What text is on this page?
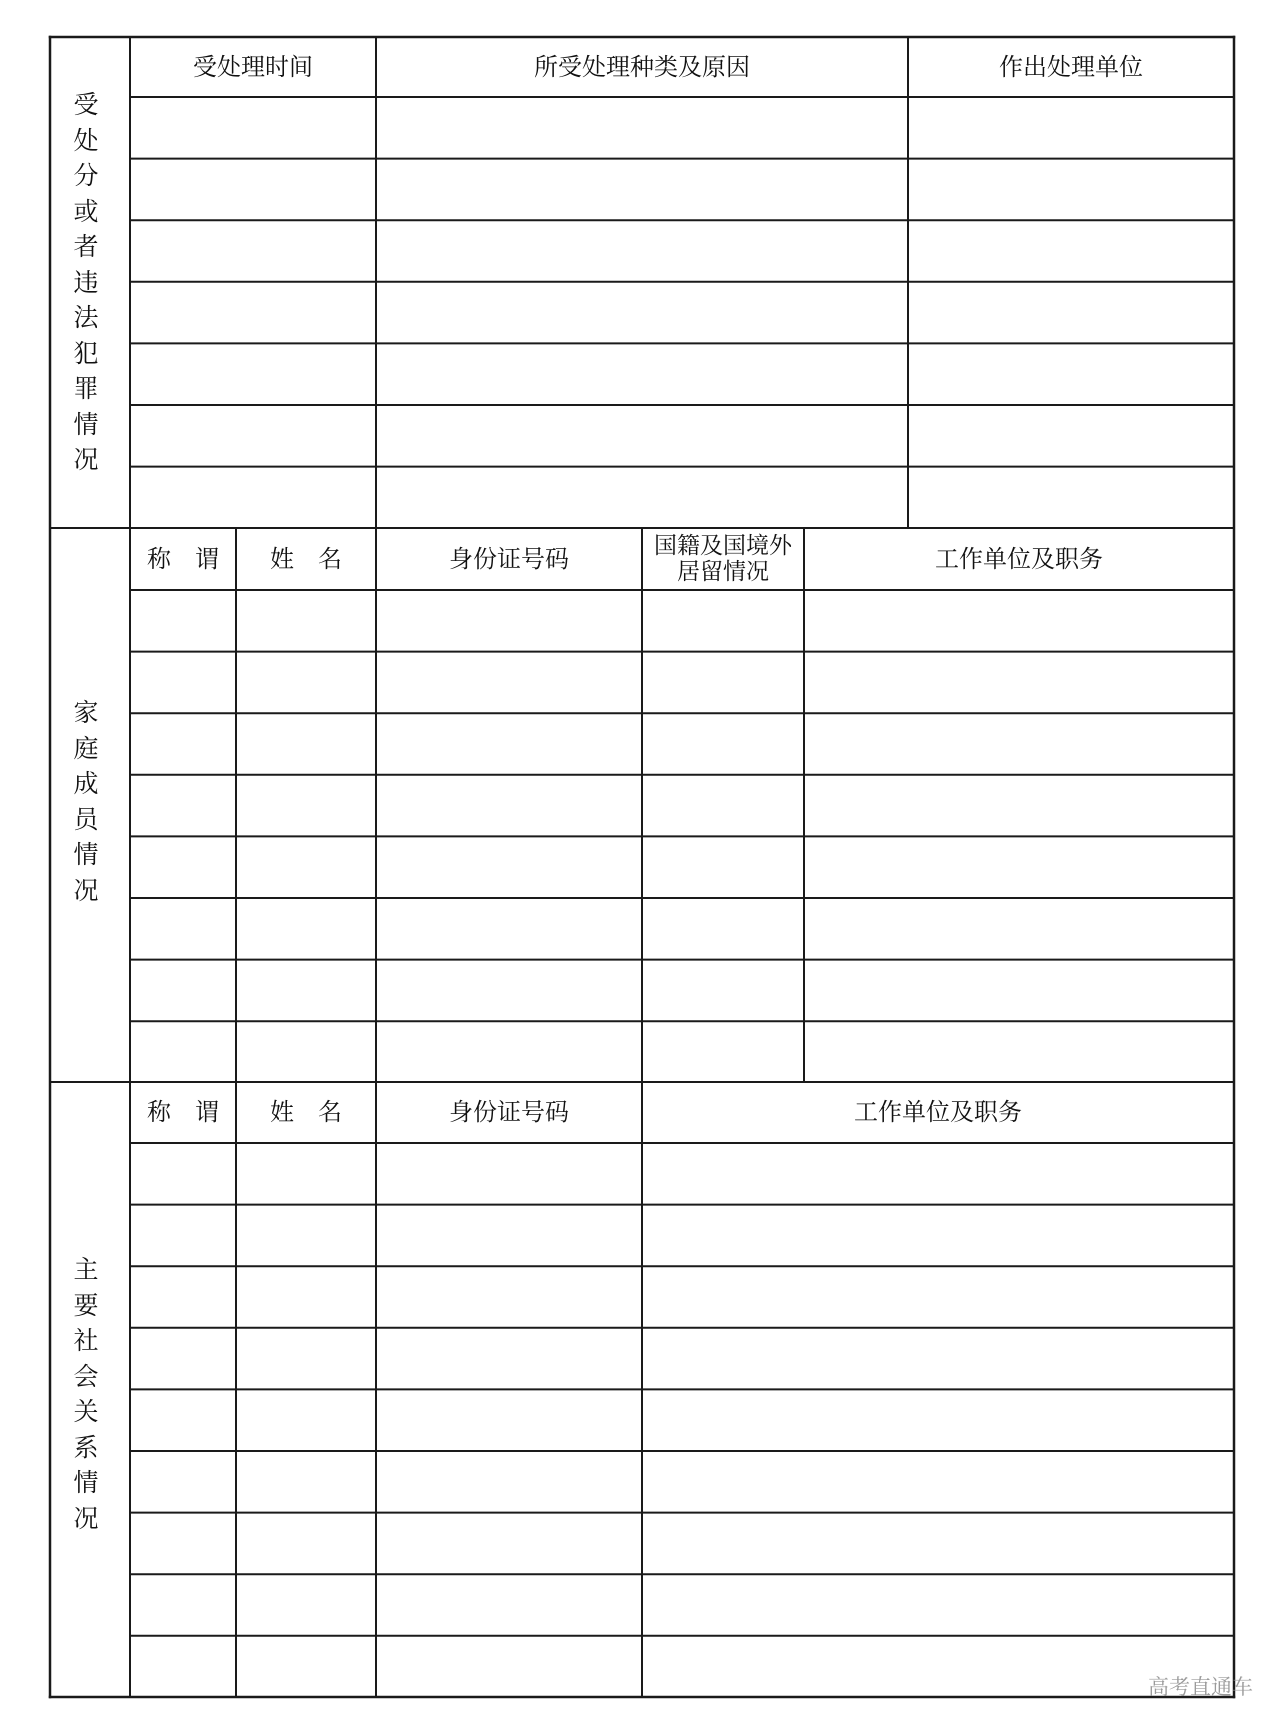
受处分或者违法犯罪情况
家庭成员情况
主要社会关系情况
受处理时间	所受处理种类及原因	作出处理单位
称　谓	姓　名	身份证号码	国籍及国境外居留情况	工作单位及职务
称　谓	姓　名	身份证号码	工作单位及职务
高考直通车
